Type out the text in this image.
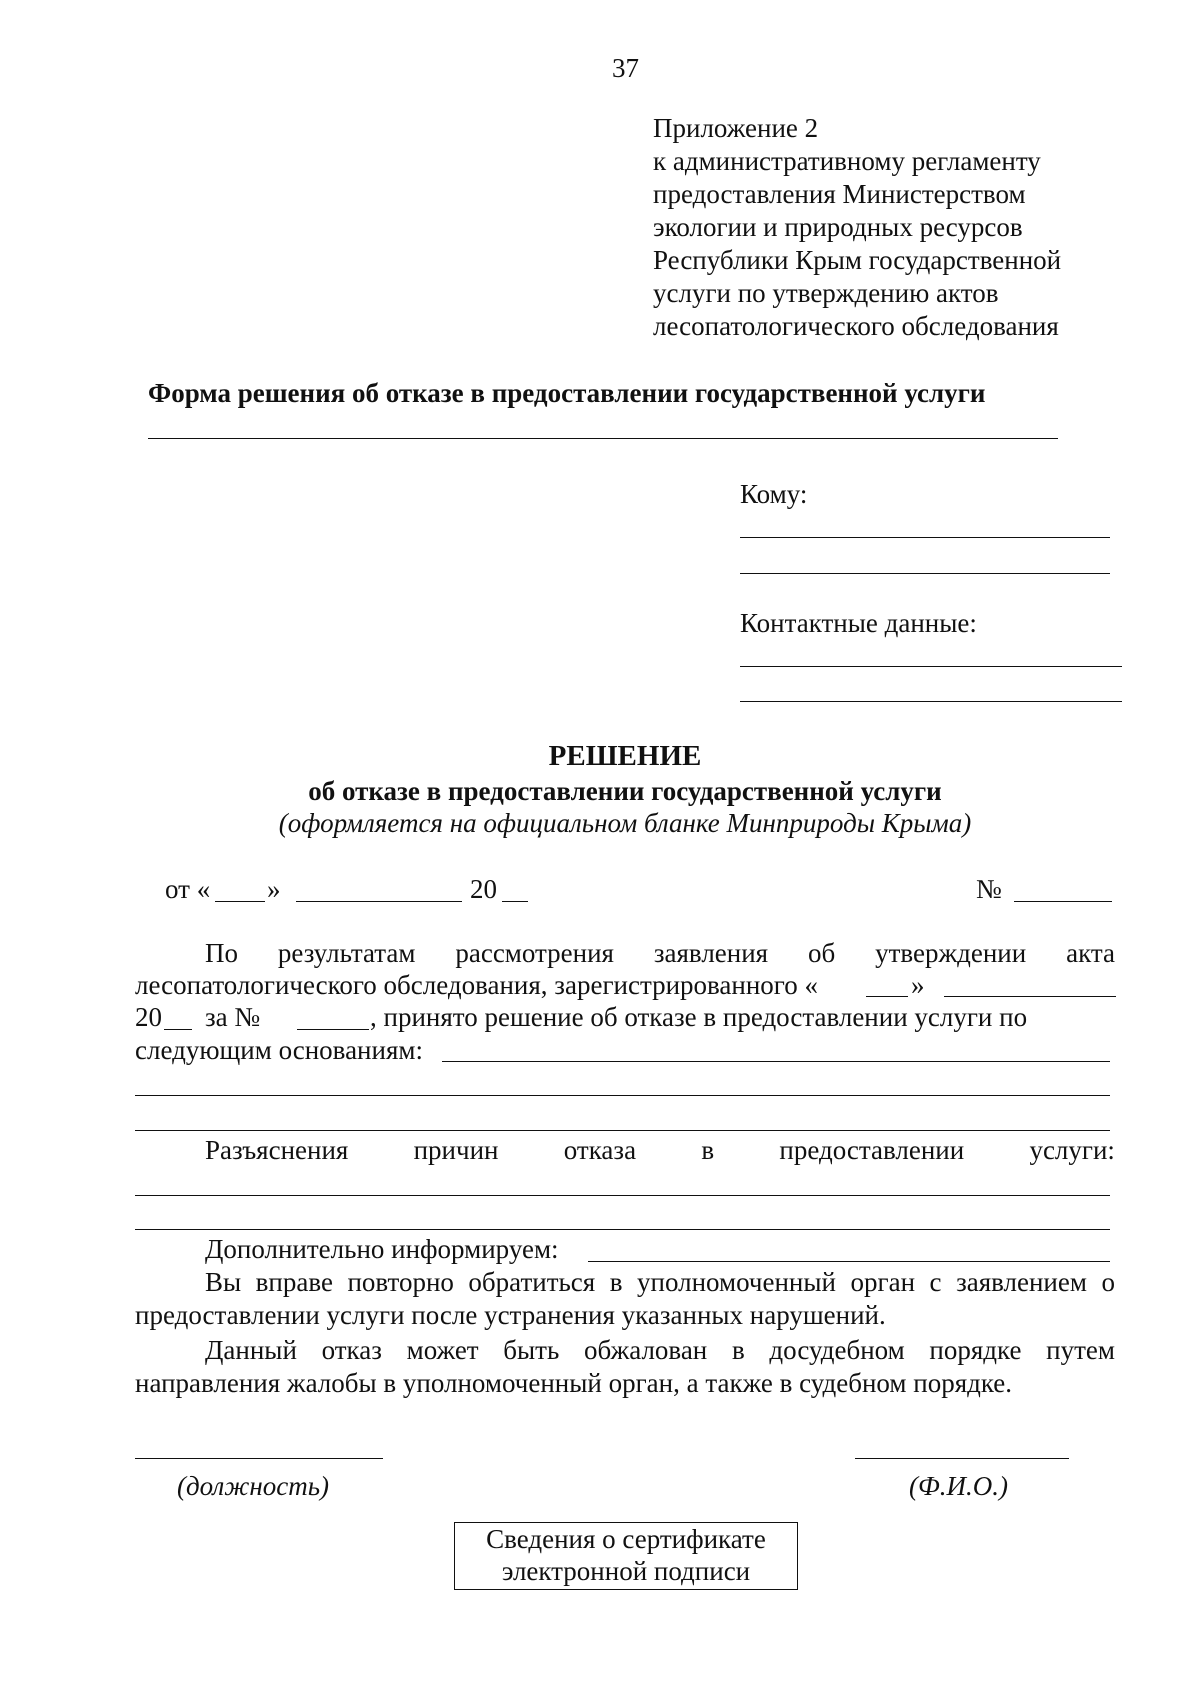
37
Приложение 2
к административному регламенту
предоставления Министерством
экологии и природных ресурсов
Республики Крым государственной
услуги по утверждению актов
лесопатологического обследования
Форма решения об отказе в предоставлении государственной услуги
Кому:
Контактные данные:
РЕШЕНИЕ
об отказе в предоставлении государственной услуги
(оформляется на официальном бланке Минприроды Крыма)
от « »	20	№
По результатам рассмотрения заявления об утверждении акта
лесопатологического обследования, зарегистрированного «	»
20 за №	, принято решение об отказе в предоставлении услуги по
следующим основаниям:
Разъяснения причин отказа в предоставлении услуги:
Дополнительно информируем:
Вы вправе повторно обратиться в уполномоченный орган с заявлением о
предоставлении услуги после устранения указанных нарушений.
Данный отказ может быть обжалован в досудебном порядке путем
направления жалобы в уполномоченный орган, а также в судебном порядке.
(должность)	(Ф.И.О.)
Сведения о сертификате
электронной подписи
